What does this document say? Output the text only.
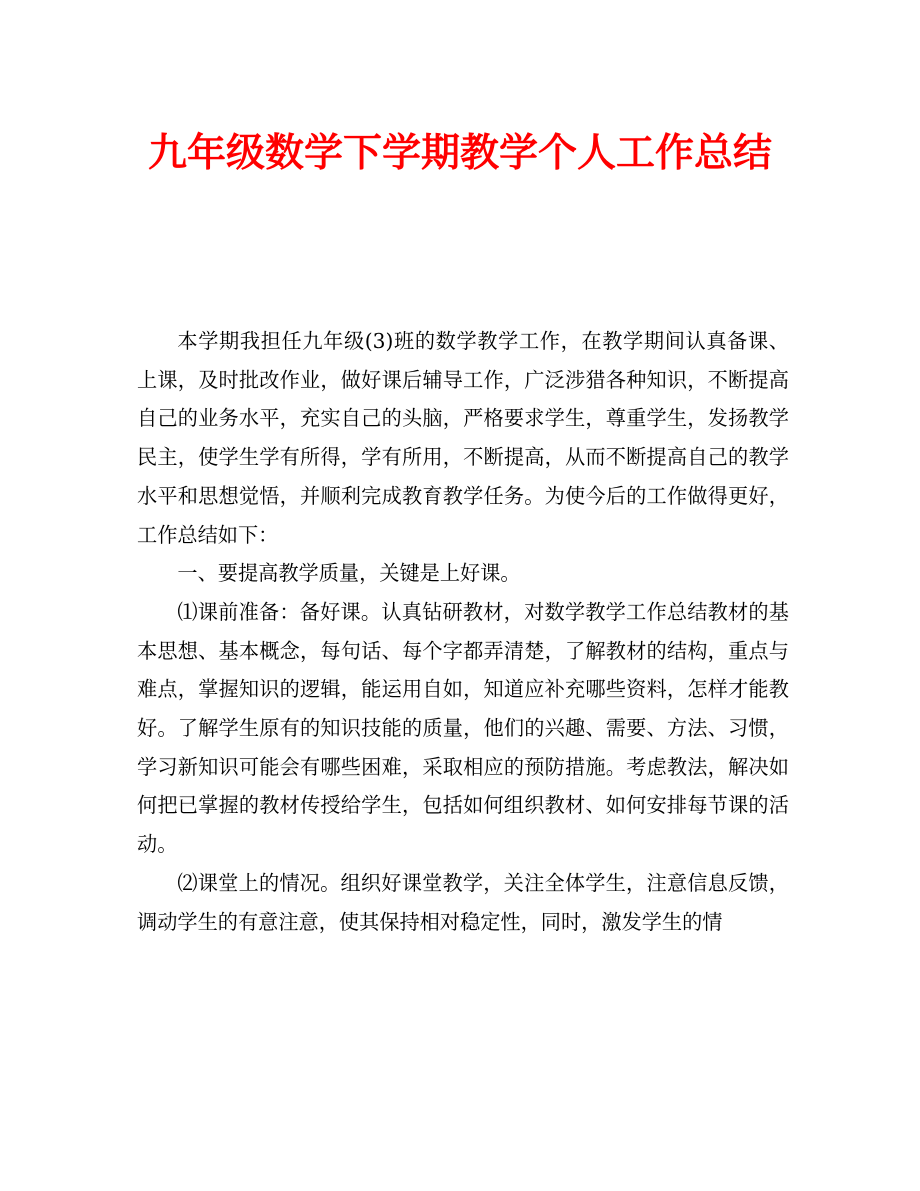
九年级数学下学期教学个人工作总结

本学期我担任九年级(3)班的数学教学工作，在教学期间认真备课、上课，及时批改作业，做好课后辅导工作，广泛涉猎各种知识，不断提高自己的业务水平，充实自己的头脑，严格要求学生，尊重学生，发扬教学民主，使学生学有所得，学有所用，不断提高，从而不断提高自己的教学水平和思想觉悟，并顺利完成教育教学任务。为使今后的工作做得更好，工作总结如下：

一、要提高教学质量，关键是上好课。

⑴课前准备：备好课。认真钻研教材，对数学教学工作总结教材的基本思想、基本概念，每句话、每个字都弄清楚，了解教材的结构，重点与难点，掌握知识的逻辑，能运用自如，知道应补充哪些资料，怎样才能教好。了解学生原有的知识技能的质量，他们的兴趣、需要、方法、习惯，学习新知识可能会有哪些困难，采取相应的预防措施。考虑教法，解决如何把已掌握的教材传授给学生，包括如何组织教材、如何安排每节课的活动。

⑵课堂上的情况。组织好课堂教学，关注全体学生，注意信息反馈，调动学生的有意注意，使其保持相对稳定性，同时，激发学生的情
